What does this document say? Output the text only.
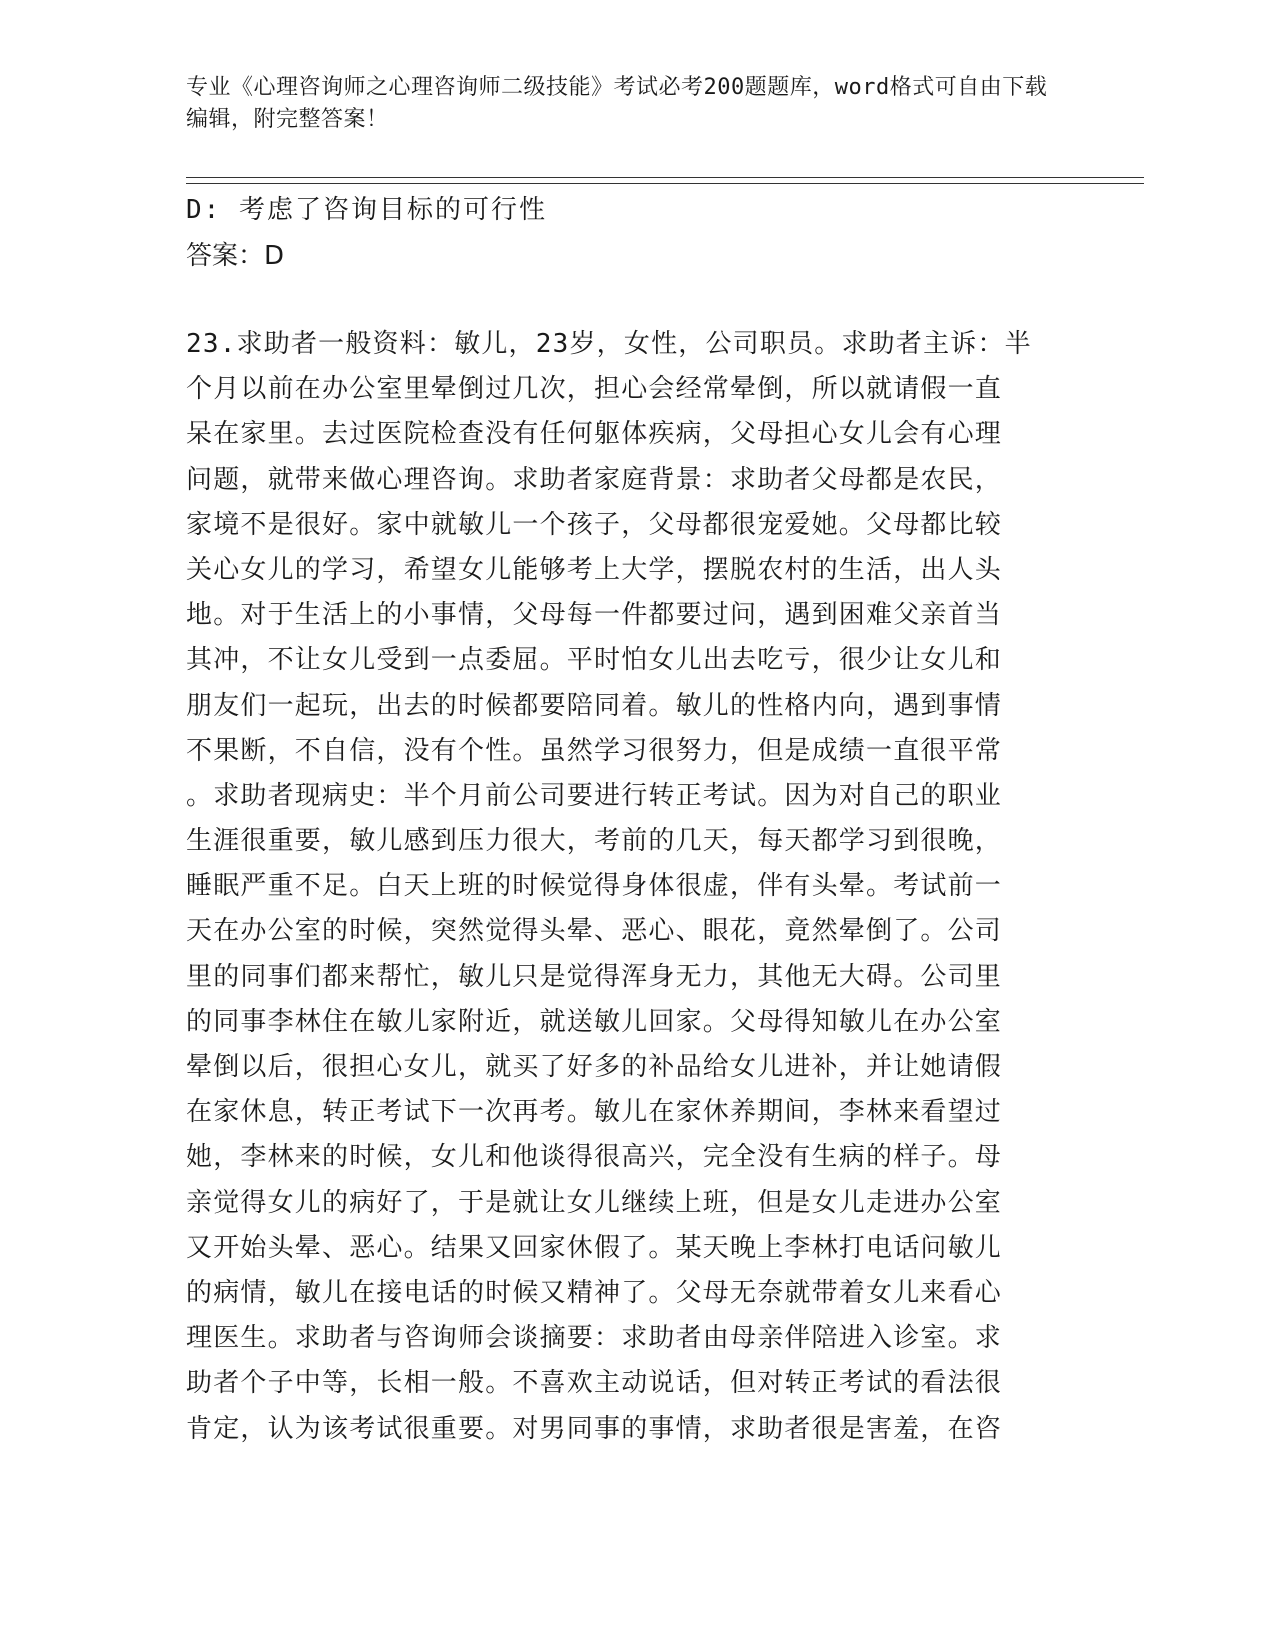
专业《心理咨询师之心理咨询师二级技能》考试必考200题题库，word格式可自由下载编辑，附完整答案！
D: 考虑了咨询目标的可行性
答案：D
23.求助者一般资料：敏儿，23岁，女性，公司职员。求助者主诉：半
个月以前在办公室里晕倒过几次，担心会经常晕倒，所以就请假一直
呆在家里。去过医院检查没有任何躯体疾病，父母担心女儿会有心理
问题，就带来做心理咨询。求助者家庭背景：求助者父母都是农民，
家境不是很好。家中就敏儿一个孩子，父母都很宠爱她。父母都比较
关心女儿的学习，希望女儿能够考上大学，摆脱农村的生活，出人头
地。对于生活上的小事情，父母每一件都要过问，遇到困难父亲首当
其冲，不让女儿受到一点委屈。平时怕女儿出去吃亏，很少让女儿和
朋友们一起玩，出去的时候都要陪同着。敏儿的性格内向，遇到事情
不果断，不自信，没有个性。虽然学习很努力，但是成绩一直很平常
。求助者现病史：半个月前公司要进行转正考试。因为对自己的职业
生涯很重要，敏儿感到压力很大，考前的几天，每天都学习到很晚，
睡眠严重不足。白天上班的时候觉得身体很虚，伴有头晕。考试前一
天在办公室的时候，突然觉得头晕、恶心、眼花，竟然晕倒了。公司
里的同事们都来帮忙，敏儿只是觉得浑身无力，其他无大碍。公司里
的同事李林住在敏儿家附近，就送敏儿回家。父母得知敏儿在办公室
晕倒以后，很担心女儿，就买了好多的补品给女儿进补，并让她请假
在家休息，转正考试下一次再考。敏儿在家休养期间，李林来看望过
她，李林来的时候，女儿和他谈得很高兴，完全没有生病的样子。母
亲觉得女儿的病好了，于是就让女儿继续上班，但是女儿走进办公室
又开始头晕、恶心。结果又回家休假了。某天晚上李林打电话问敏儿
的病情，敏儿在接电话的时候又精神了。父母无奈就带着女儿来看心
理医生。求助者与咨询师会谈摘要：求助者由母亲伴陪进入诊室。求
助者个子中等，长相一般。不喜欢主动说话，但对转正考试的看法很
肯定，认为该考试很重要。对男同事的事情，求助者很是害羞，在咨
